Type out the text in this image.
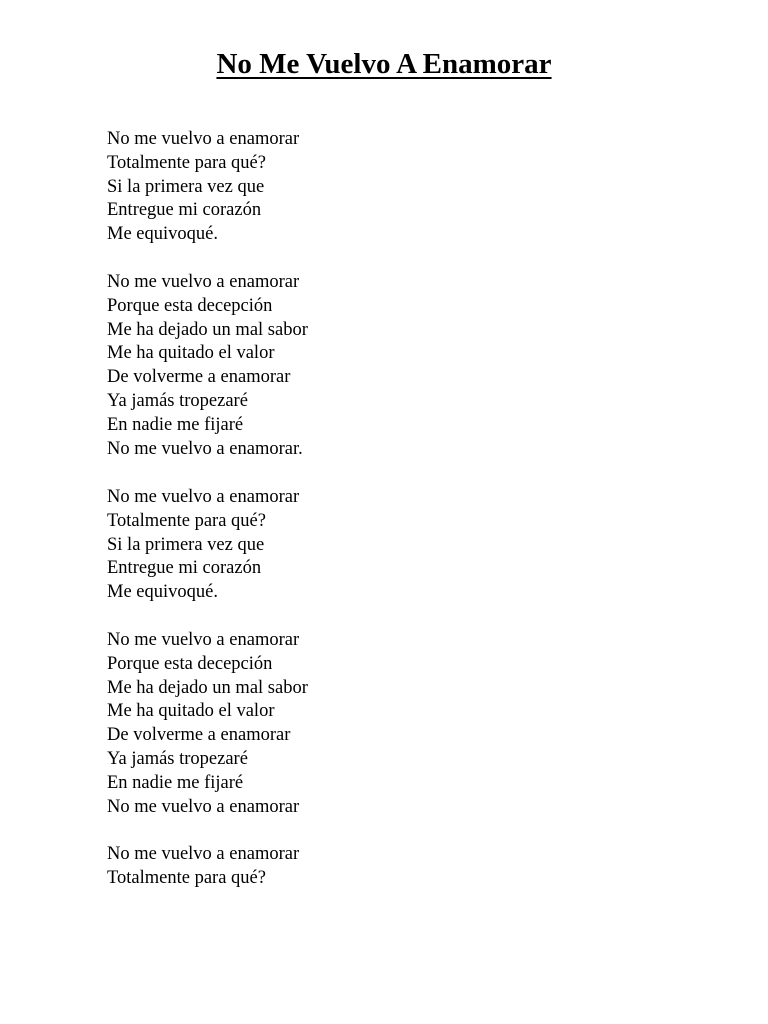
No Me Vuelvo A Enamorar
No me vuelvo a enamorar
Totalmente para qué?
Si la primera vez que
Entregue mi corazón
Me equivoqué.
No me vuelvo a enamorar
Porque esta decepción
Me ha dejado un mal sabor
Me ha quitado el valor
De volverme a enamorar
Ya jamás tropezaré
En nadie me fijaré
No me vuelvo a enamorar.
No me vuelvo a enamorar
Totalmente para qué?
Si la primera vez que
Entregue mi corazón
Me equivoqué.
No me vuelvo a enamorar
Porque esta decepción
Me ha dejado un mal sabor
Me ha quitado el valor
De volverme a enamorar
Ya jamás tropezaré
En nadie me fijaré
No me vuelvo a enamorar
No me vuelvo a enamorar
Totalmente para qué?
